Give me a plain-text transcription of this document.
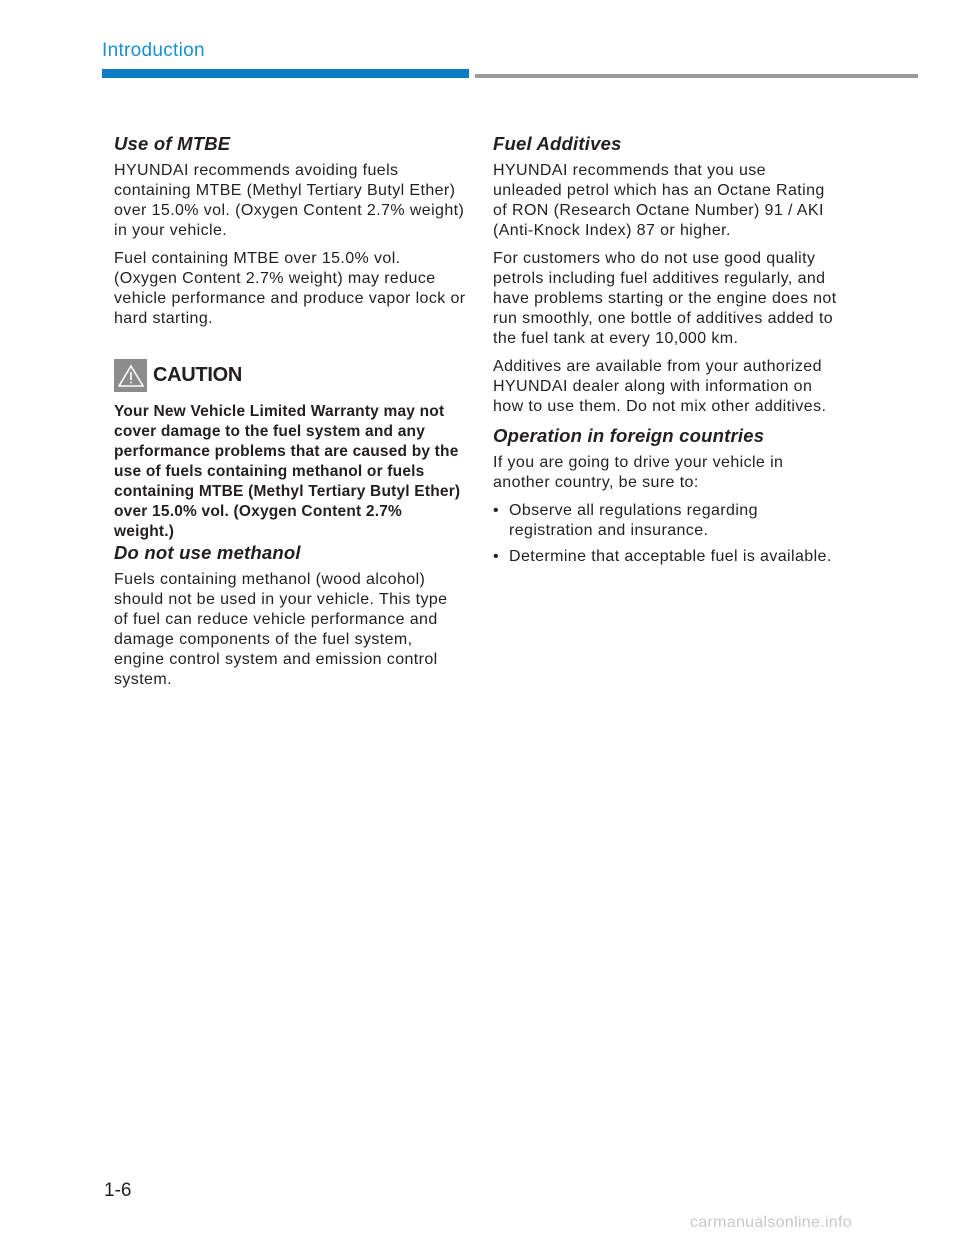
Introduction
Use of MTBE

HYUNDAI recommends avoiding fuels containing MTBE (Methyl Tertiary Butyl Ether) over 15.0% vol. (Oxygen Content 2.7% weight) in your vehicle.

Fuel containing MTBE over 15.0% vol. (Oxygen Content 2.7% weight) may reduce vehicle performance and produce vapor lock or hard starting.

CAUTION

Your New Vehicle Limited Warranty may not cover damage to the fuel system and any performance problems that are caused by the use of fuels containing methanol or fuels containing MTBE (Methyl Tertiary Butyl Ether) over 15.0% vol. (Oxygen Content 2.7% weight.)

Do not use methanol

Fuels containing methanol (wood alcohol) should not be used in your vehicle. This type of fuel can reduce vehicle performance and damage components of the fuel system, engine control system and emission control system.

Fuel Additives

HYUNDAI recommends that you use unleaded petrol which has an Octane Rating of RON (Research Octane Number) 91 / AKI (Anti-Knock Index) 87 or higher.

For customers who do not use good quality petrols including fuel additives regularly, and have problems starting or the engine does not run smoothly, one bottle of additives added to the fuel tank at every 10,000 km.

Additives are available from your authorized HYUNDAI dealer along with information on how to use them. Do not mix other additives.

Operation in foreign countries

If you are going to drive your vehicle in another country, be sure to:

• Observe all regulations regarding registration and insurance.
• Determine that acceptable fuel is available.
1-6
carmanualsonline.info
